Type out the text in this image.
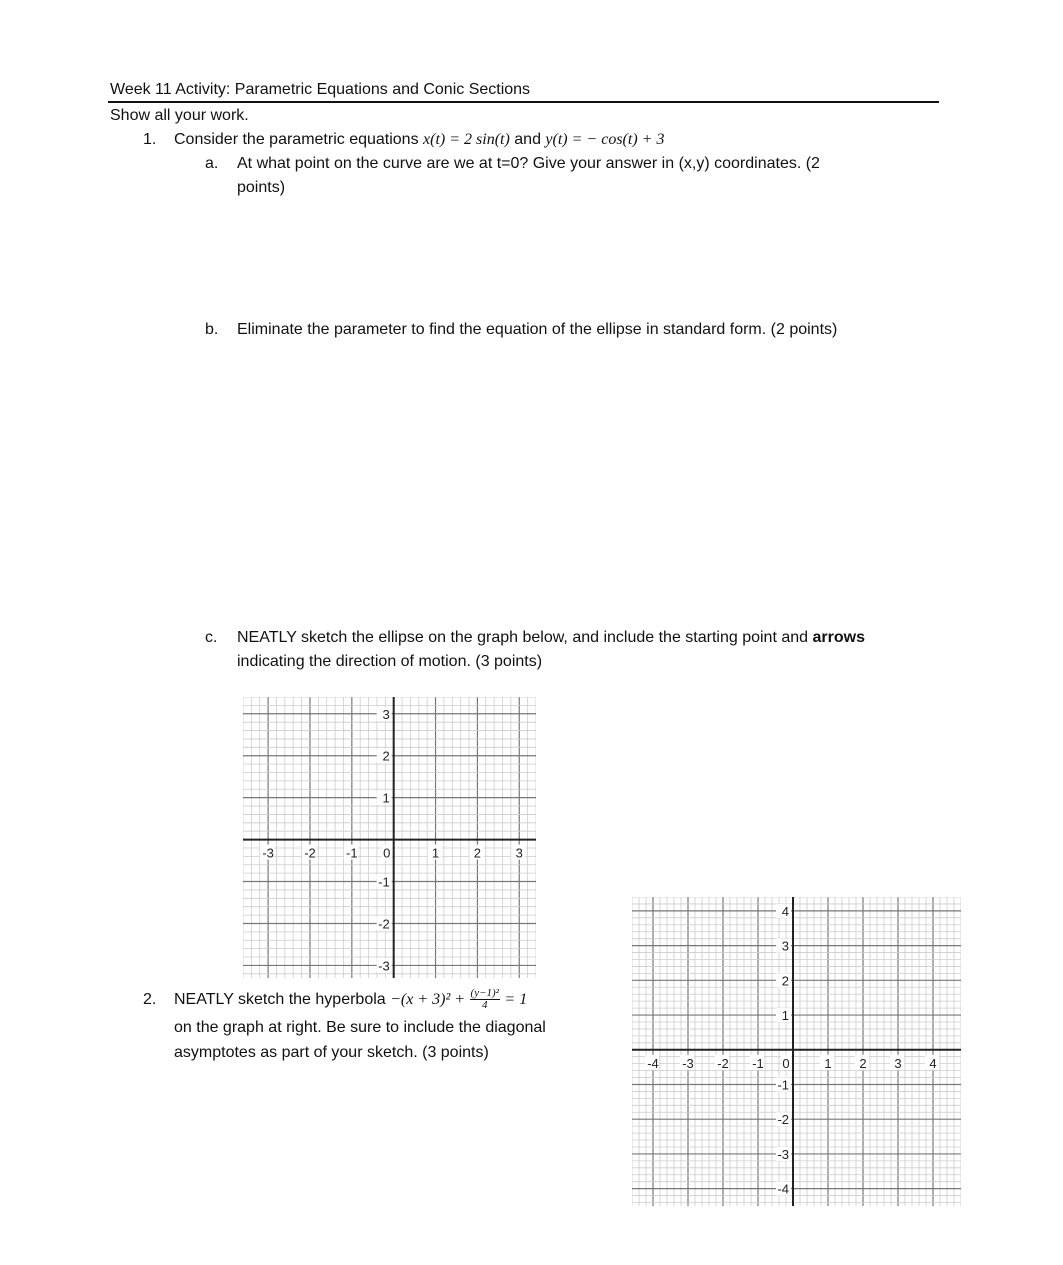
Week 11 Activity: Parametric Equations and Conic Sections
Show all your work.
1. Consider the parametric equations x(t) = 2 sin(t) and y(t) = − cos(t) + 3
a. At what point on the curve are we at t=0? Give your answer in (x,y) coordinates. (2
points)
b. Eliminate the parameter to find the equation of the ellipse in standard form. (2 points)
c. NEATLY sketch the ellipse on the graph below, and include the starting point and arrows
indicating the direction of motion. (3 points)
-3 -2 -1 0	1	2	3
3
2
1
-1
-2
-3
2. NEATLY sketch the hyperbola $-(x + 3)^2 + \frac{\text{(y−1)²}}{4} = 1$
on the graph at right. Be sure to include the diagonal
asymptotes as part of your sketch. (3 points)
-4 -3 -2 -1 0	1 2 3 4
4
3
2
1
-1
-2
-3
-4
